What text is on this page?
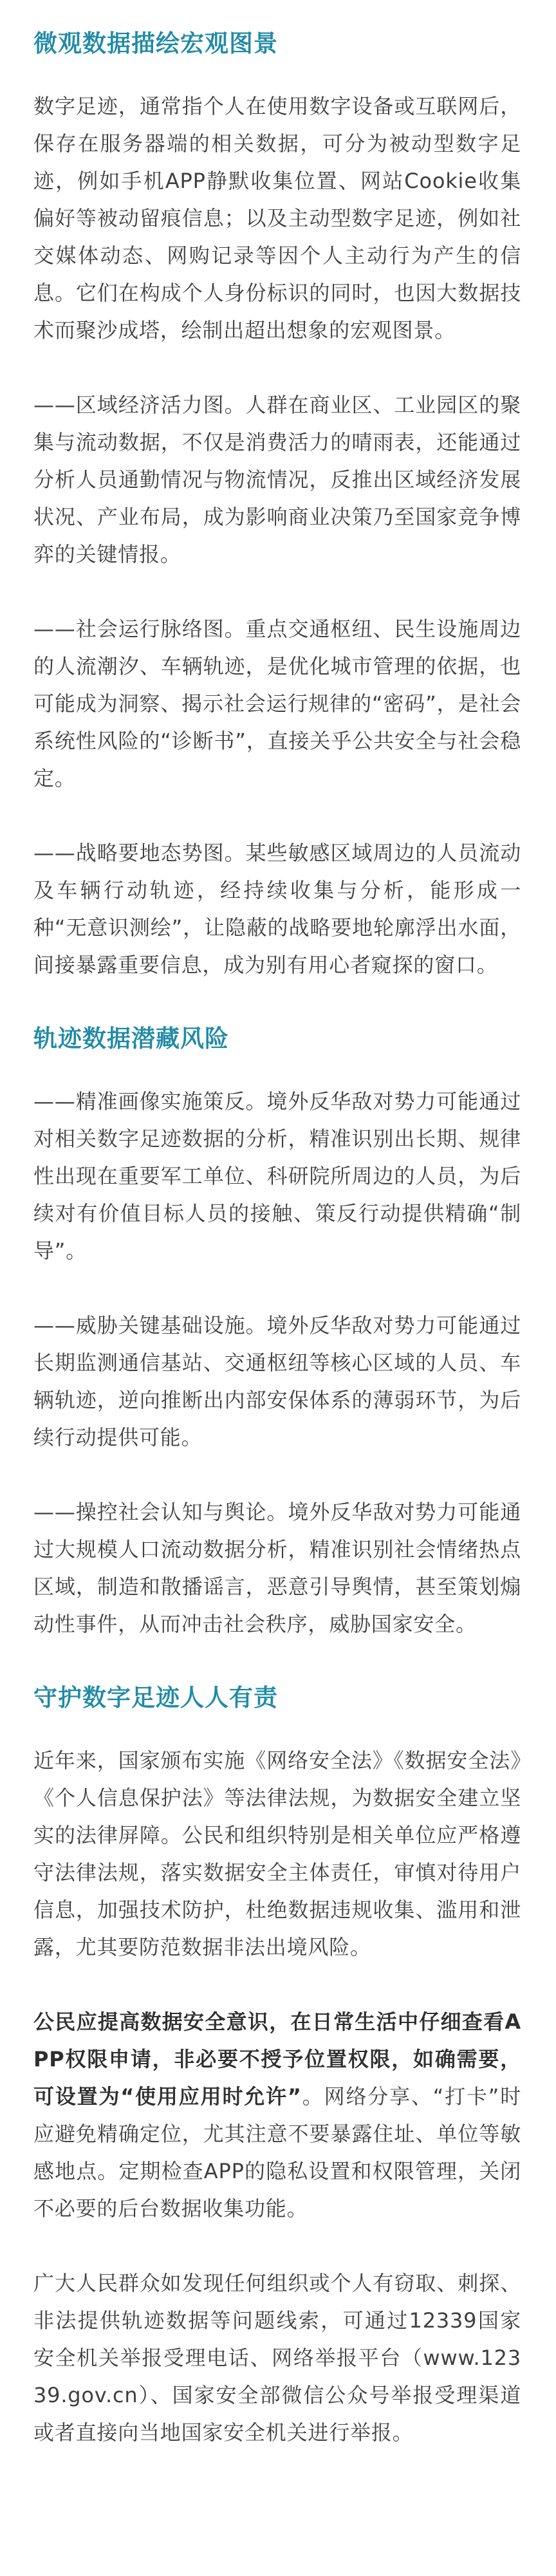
微观数据描绘宏观图景

数字足迹，通常指个人在使用数字设备或互联网后，保存在服务器端的相关数据，可分为被动型数字足迹，例如手机APP静默收集位置、网站Cookie收集偏好等被动留痕信息；以及主动型数字足迹，例如社交媒体动态、网购记录等因个人主动行为产生的信息。它们在构成个人身份标识的同时，也因大数据技术而聚沙成塔，绘制出超出想象的宏观图景。

——区域经济活力图。人群在商业区、工业园区的聚集与流动数据，不仅是消费活力的晴雨表，还能通过分析人员通勤情况与物流情况，反推出区域经济发展状况、产业布局，成为影响商业决策乃至国家竞争博弈的关键情报。

——社会运行脉络图。重点交通枢纽、民生设施周边的人流潮汐、车辆轨迹，是优化城市管理的依据，也可能成为洞察、揭示社会运行规律的“密码”，是社会系统性风险的“诊断书”，直接关乎公共安全与社会稳定。

——战略要地态势图。某些敏感区域周边的人员流动及车辆行动轨迹，经持续收集与分析，能形成一种“无意识测绘”，让隐蔽的战略要地轮廓浮出水面，间接暴露重要信息，成为别有用心者窥探的窗口。

轨迹数据潜藏风险

——精准画像实施策反。境外反华敌对势力可能通过对相关数字足迹数据的分析，精准识别出长期、规律性出现在重要军工单位、科研院所周边的人员，为后续对有价值目标人员的接触、策反行动提供精确“制导”。

——威胁关键基础设施。境外反华敌对势力可能通过长期监测通信基站、交通枢纽等核心区域的人员、车辆轨迹，逆向推断出内部安保体系的薄弱环节，为后续行动提供可能。

——操控社会认知与舆论。境外反华敌对势力可能通过大规模人口流动数据分析，精准识别社会情绪热点区域，制造和散播谣言，恶意引导舆情，甚至策划煽动性事件，从而冲击社会秩序，威胁国家安全。

守护数字足迹人人有责

近年来，国家颁布实施《网络安全法》《数据安全法》《个人信息保护法》等法律法规，为数据安全建立坚实的法律屏障。公民和组织特别是相关单位应严格遵守法律法规，落实数据安全主体责任，审慎对待用户信息，加强技术防护，杜绝数据违规收集、滥用和泄露，尤其要防范数据非法出境风险。

公民应提高数据安全意识，在日常生活中仔细查看APP权限申请，非必要不授予位置权限，如确需要，可设置为“使用应用时允许”。网络分享、“打卡”时应避免精确定位，尤其注意不要暴露住址、单位等敏感地点。定期检查APP的隐私设置和权限管理，关闭不必要的后台数据收集功能。

广大人民群众如发现任何组织或个人有窃取、刺探、非法提供轨迹数据等问题线索，可通过12339国家安全机关举报受理电话、网络举报平台（www.12339.gov.cn）、国家安全部微信公众号举报受理渠道或者直接向当地国家安全机关进行举报。
